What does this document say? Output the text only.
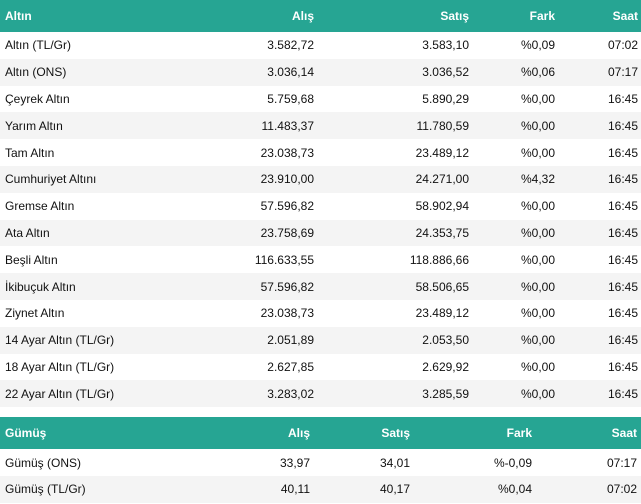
Altın	Alış	Satış	Fark	Saat
Altın (TL/Gr)	3.582,72	3.583,10	%0,09	07:02
Altın (ONS)	3.036,14	3.036,52	%0,06	07:17
Çeyrek Altın	5.759,68	5.890,29	%0,00	16:45
Yarım Altın	11.483,37	11.780,59	%0,00	16:45
Tam Altın	23.038,73	23.489,12	%0,00	16:45
Cumhuriyet Altını	23.910,00	24.271,00	%4,32	16:45
Gremse Altın	57.596,82	58.902,94	%0,00	16:45
Ata Altın	23.758,69	24.353,75	%0,00	16:45
Beşli Altın	116.633,55	118.886,66	%0,00	16:45
İkibuçuk Altın	57.596,82	58.506,65	%0,00	16:45
Ziynet Altın	23.038,73	23.489,12	%0,00	16:45
14 Ayar Altın (TL/Gr)	2.051,89	2.053,50	%0,00	16:45
18 Ayar Altın (TL/Gr)	2.627,85	2.629,92	%0,00	16:45
22 Ayar Altın (TL/Gr)	3.283,02	3.285,59	%0,00	16:45
Gümüş	Alış	Satış	Fark	Saat
Gümüş (ONS)	33,97	34,01	%-0,09	07:17
Gümüş (TL/Gr)	40,11	40,17	%0,04	07:02
